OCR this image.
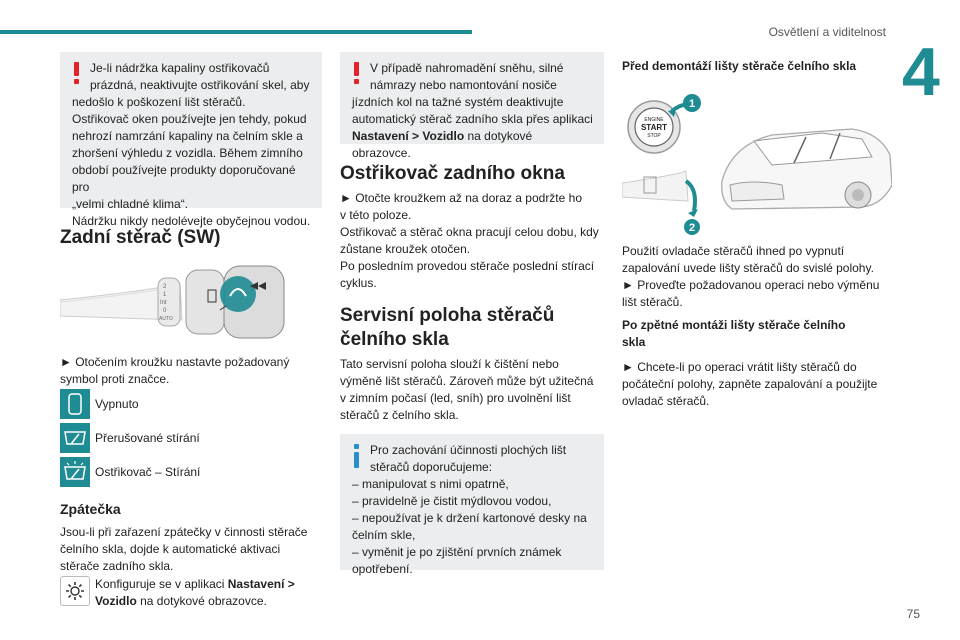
Osvětlení a viditelnost
4
75

Je-li nádržka kapaliny ostřikovačů

prázdná, neaktivujte ostřikování skel, aby

nedošlo k poškození lišt stěračů.

Ostřikovač oken používejte jen tehdy, pokud

nehrozí namrzání kapaliny na čelním skle a

zhoršení výhledu z vozidla. Během zimního

období používejte produkty doporučované pro

„velmi chladné klima“.

Nádržku nikdy nedolévejte obyčejnou vodou.

Zadní stěrač (SW)
2
1
Int
0
AUTO

► Otočením kroužku nastavte požadovaný

symbol proti značce.

Vypnuto
Přerušované stírání
Ostřikovač – Stírání
Zpátečka

Jsou-li při zařazení zpátečky v činnosti stěrače

čelního skla, dojde k automatické aktivaci

stěrače zadního skla.

Konfiguruje se v aplikaci Nastavení >

Vozidlo na dotykové obrazovce.

V případě nahromadění sněhu, silné

námrazy nebo namontování nosiče

jízdních kol na tažné systém deaktivujte

automatický stěrač zadního skla přes aplikaci

Nastavení > Vozidlo na dotykové obrazovce.

Ostřikovač zadního okna

► Otočte kroužkem až na doraz a podržte ho

v této poloze.

Ostřikovač a stěrač okna pracují celou dobu, kdy

zůstane kroužek otočen.

Po posledním provedou stěrače poslední stírací

cyklus.

Servisní poloha stěračů
čelního skla

Tato servisní poloha slouží k čištění nebo

výměně lišt stěračů. Zároveň může být užitečná

v zimním počasí (led, sníh) pro uvolnění lišt

stěračů z čelního skla.

Pro zachování účinnosti plochých lišt

stěračů doporučujeme:

– manipulovat s nimi opatrně,

– pravidelně je čistit mýdlovou vodou,

– nepoužívat je k držení kartonové desky na

čelním skle,

– vyměnit je po zjištění prvních známek

opotřebení.

Před demontáží lišty stěrače čelního skla
ENGINE
START
STOP
1
2

Použití ovladače stěračů ihned po vypnutí

zapalování uvede lišty stěračů do svislé polohy.

► Proveďte požadovanou operaci nebo výměnu

lišt stěračů.

Po zpětné montáži lišty stěrače čelního
skla

► Chcete-li po operaci vrátit lišty stěračů do

počáteční polohy, zapněte zapalování a použijte

ovladač stěračů.
